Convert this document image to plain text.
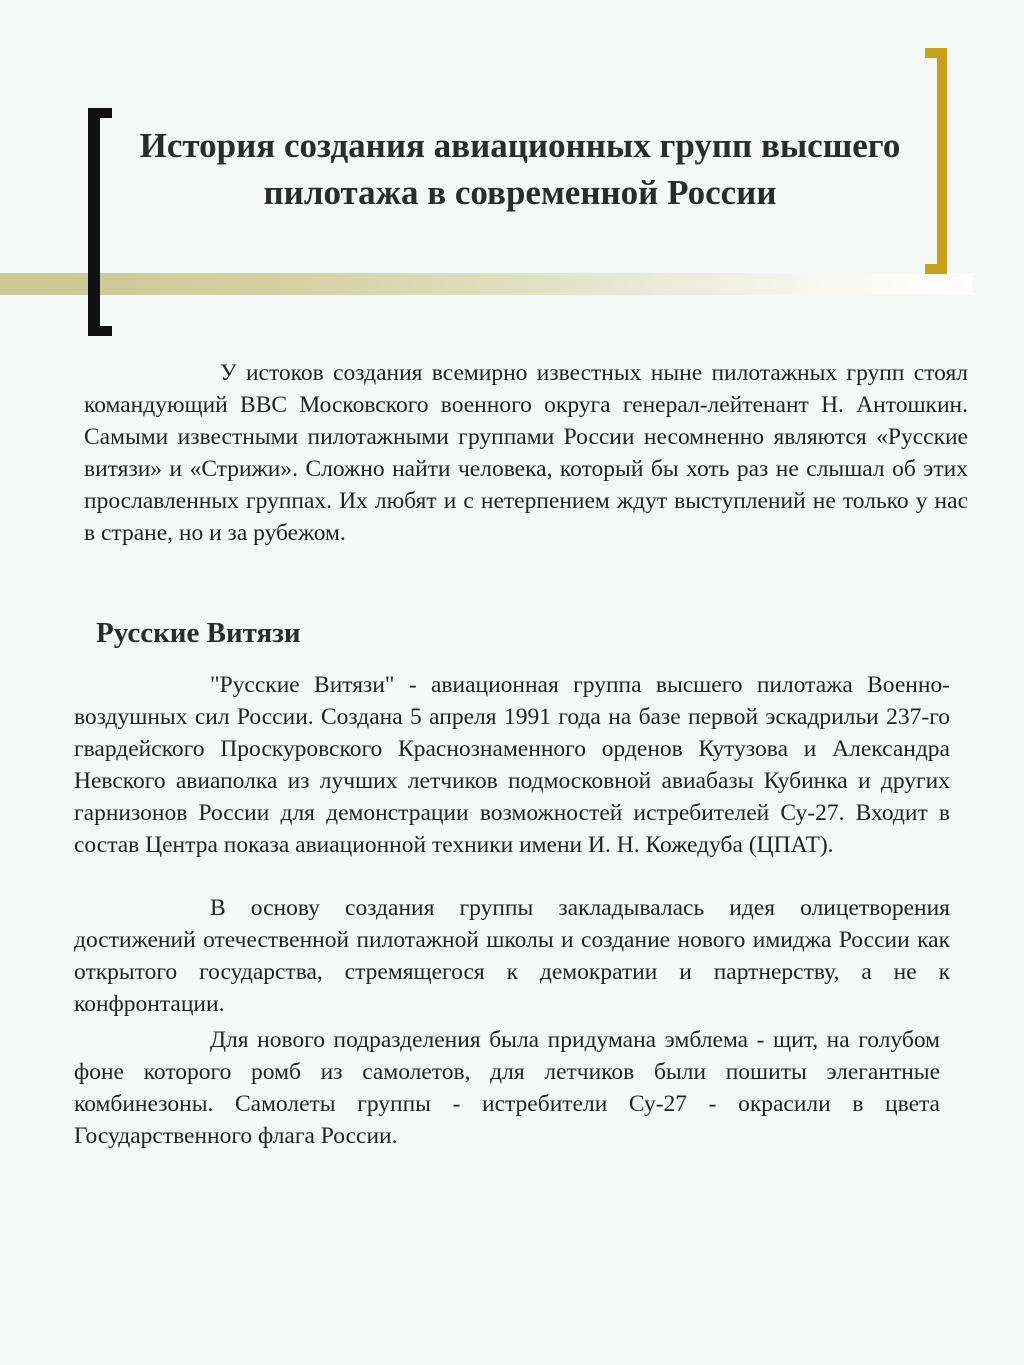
История создания авиационных групп высшего пилотажа в современной России

У истоков создания всемирно известных ныне пилотажных групп стоял командующий ВВС Московского военного округа генерал-лейтенант Н. Антошкин. Самыми известными пилотажными группами России несомненно являются «Русские витязи» и «Стрижи». Сложно найти человека, который бы хоть раз не слышал об этих прославленных группах. Их любят и с нетерпением ждут выступлений не только у нас в стране, но и за рубежом.

Русские Витязи

"Русские Витязи" - авиационная группа высшего пилотажа Военно-воздушных сил России. Создана 5 апреля 1991 года на базе первой эскадрильи 237-го гвардейского Проскуровского Краснознаменного орденов Кутузова и Александра Невского авиаполка из лучших летчиков подмосковной авиабазы Кубинка и других гарнизонов России для демонстрации возможностей истребителей Су-27. Входит в состав Центра показа авиационной техники имени И. Н. Кожедуба (ЦПАТ).

В основу создания группы закладывалась идея олицетворения достижений отечественной пилотажной школы и создание нового имиджа России как открытого государства, стремящегося к демократии и партнерству, а не к конфронтации.

Для нового подразделения была придумана эмблема - щит, на голубом фоне которого ромб из самолетов, для летчиков были пошиты элегантные комбинезоны. Самолеты группы - истребители Су-27 - окрасили в цвета Государственного флага России.
